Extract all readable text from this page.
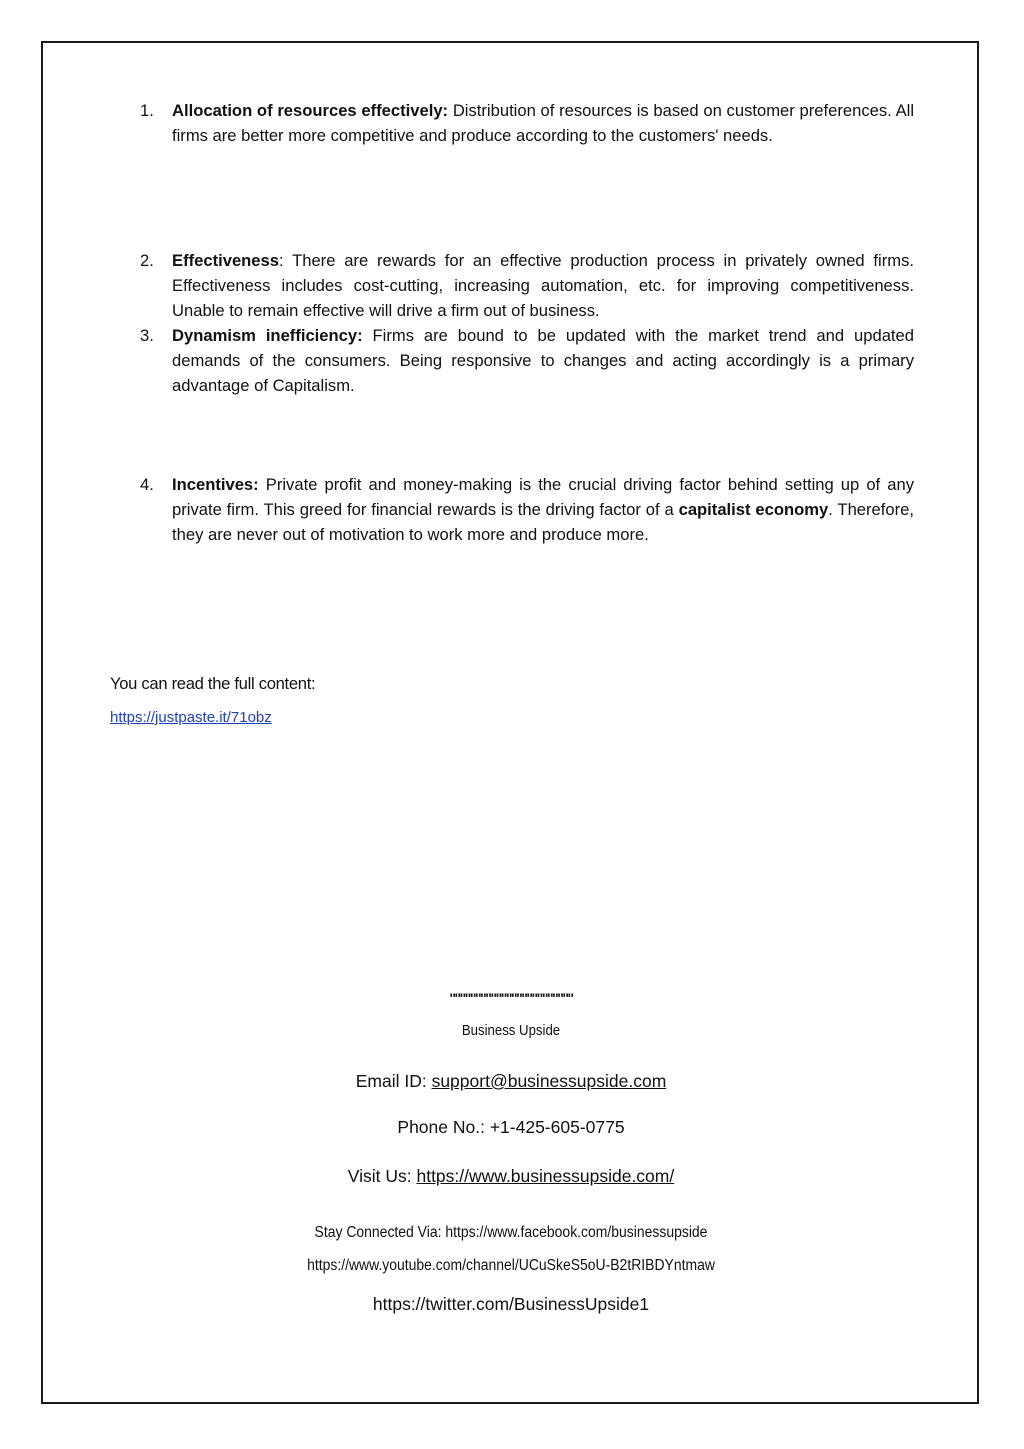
1. Allocation of resources effectively: Distribution of resources is based on customer preferences. All firms are better more competitive and produce according to the customers' needs.
2. Effectiveness: There are rewards for an effective production process in privately owned firms. Effectiveness includes cost-cutting, increasing automation, etc. for improving competitiveness. Unable to remain effective will drive a firm out of business.
3. Dynamism inefficiency: Firms are bound to be updated with the market trend and updated demands of the consumers. Being responsive to changes and acting accordingly is a primary advantage of Capitalism.
4. Incentives: Private profit and money-making is the crucial driving factor behind setting up of any private firm. This greed for financial rewards is the driving factor of a capitalist economy. Therefore, they are never out of motivation to work more and produce more.
You can read the full content:
https://justpaste.it/71obz
""""""""""""""""""""""""
Business Upside
Email ID: support@businessupside.com
Phone No.: +1-425-605-0775
Visit Us: https://www.businessupside.com/
Stay Connected Via: https://www.facebook.com/businessupside
https://www.youtube.com/channel/UCuSkeS5oU-B2tRIBDYntmaw
https://twitter.com/BusinessUpside1
